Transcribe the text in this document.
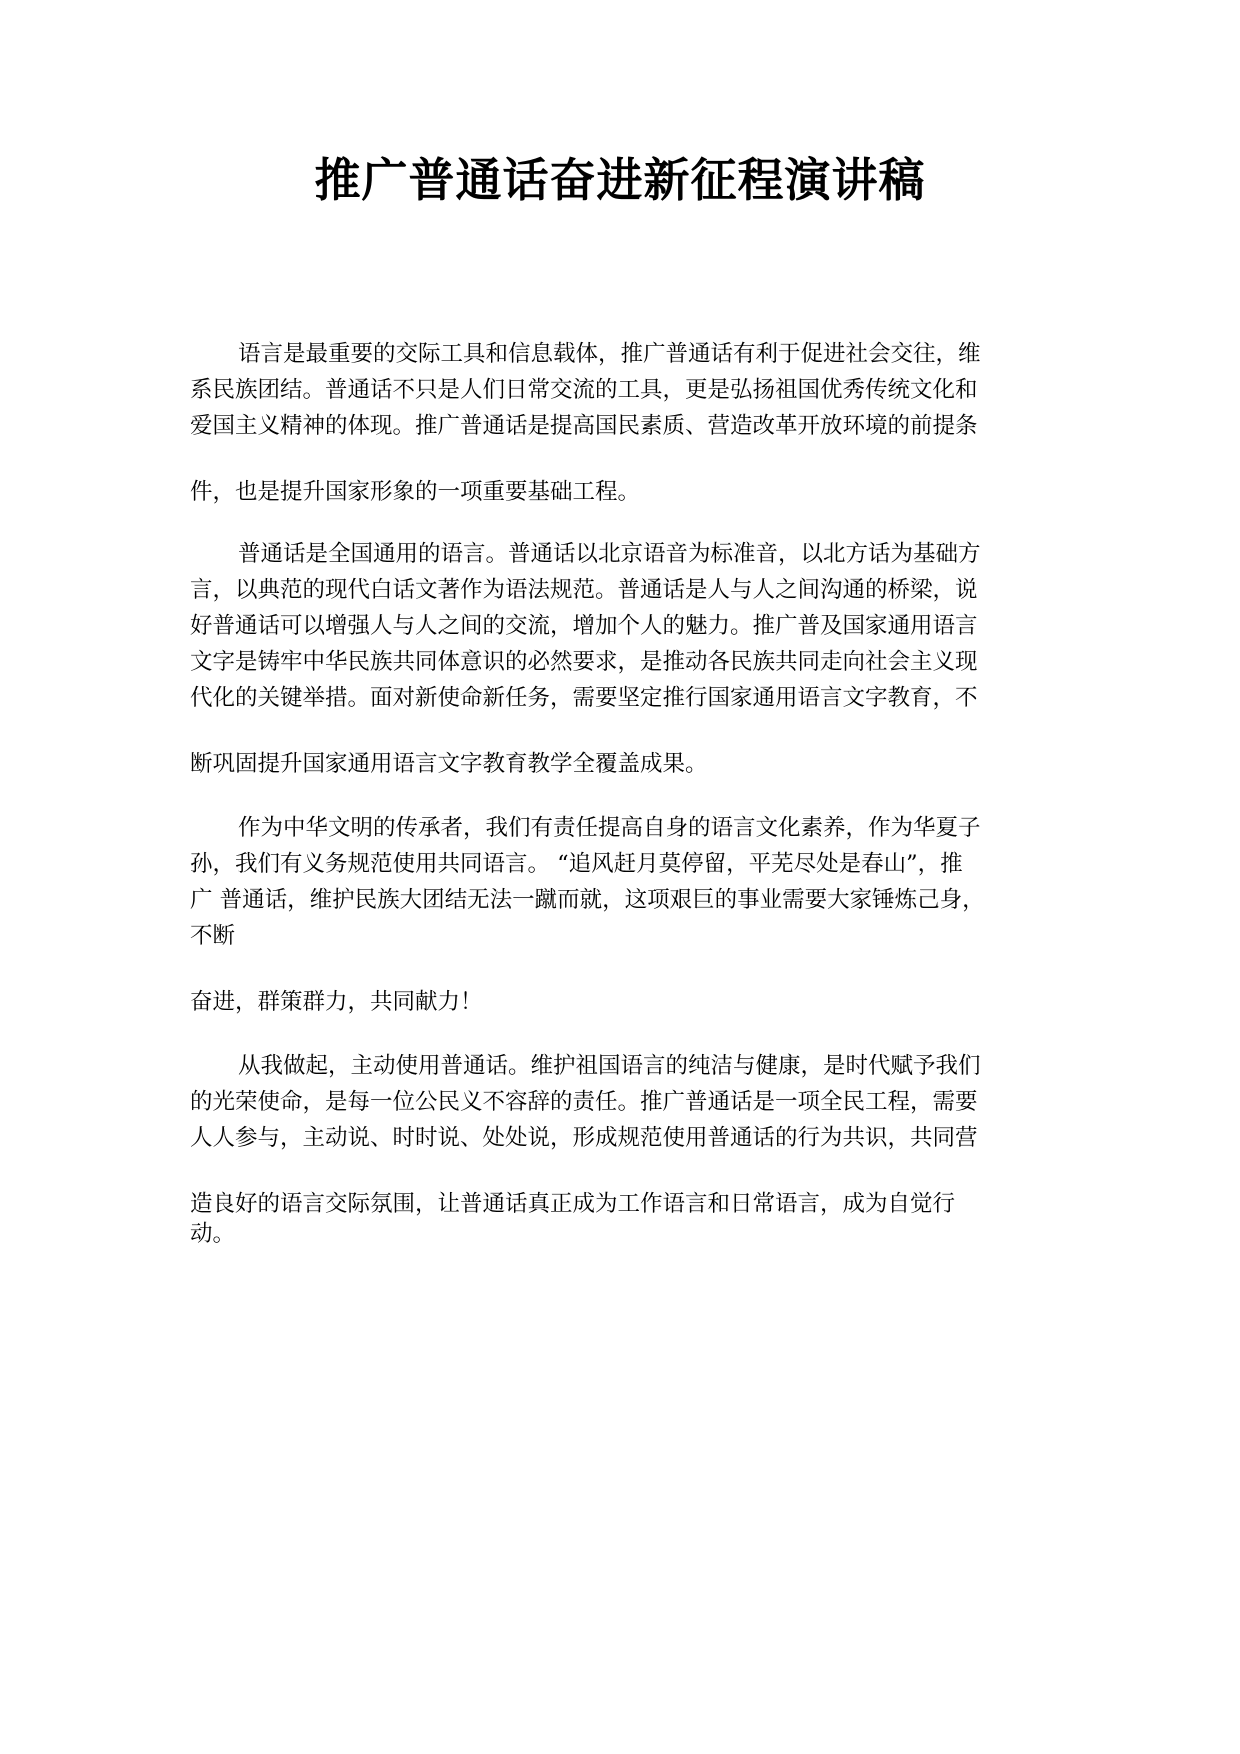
推广普通话奋进新征程演讲稿
语言是最重要的交际工具和信息载体，推广普通话有利于促进社会交往，维
系民族团结。普通话不只是人们日常交流的工具，更是弘扬祖国优秀传统文化和
爱国主义精神的体现。推广普通话是提高国民素质、营造改革开放环境的前提条
件，也是提升国家形象的一项重要基础工程。
普通话是全国通用的语言。普通话以北京语音为标准音，以北方话为基础方
言，以典范的现代白话文著作为语法规范。普通话是人与人之间沟通的桥梁，说
好普通话可以增强人与人之间的交流，增加个人的魅力。推广普及国家通用语言
文字是铸牢中华民族共同体意识的必然要求，是推动各民族共同走向社会主义现
代化的关键举措。面对新使命新任务，需要坚定推行国家通用语言文字教育，不
断巩固提升国家通用语言文字教育教学全覆盖成果。
作为中华文明的传承者，我们有责任提高自身的语言文化素养，作为华夏子
孙，我们有义务规范使用共同语言。 “追风赶月莫停留，平芜尽处是春山”，推
广 普通话，维护民族大团结无法一蹴而就，这项艰巨的事业需要大家锤炼己身，
不断
奋进，群策群力，共同献力！
从我做起，主动使用普通话。维护祖国语言的纯洁与健康，是时代赋予我们
的光荣使命，是每一位公民义不容辞的责任。推广普通话是一项全民工程，需要
人人参与，主动说、时时说、处处说，形成规范使用普通话的行为共识，共同营
造良好的语言交际氛围，让普通话真正成为工作语言和日常语言，成为自觉行
动。
